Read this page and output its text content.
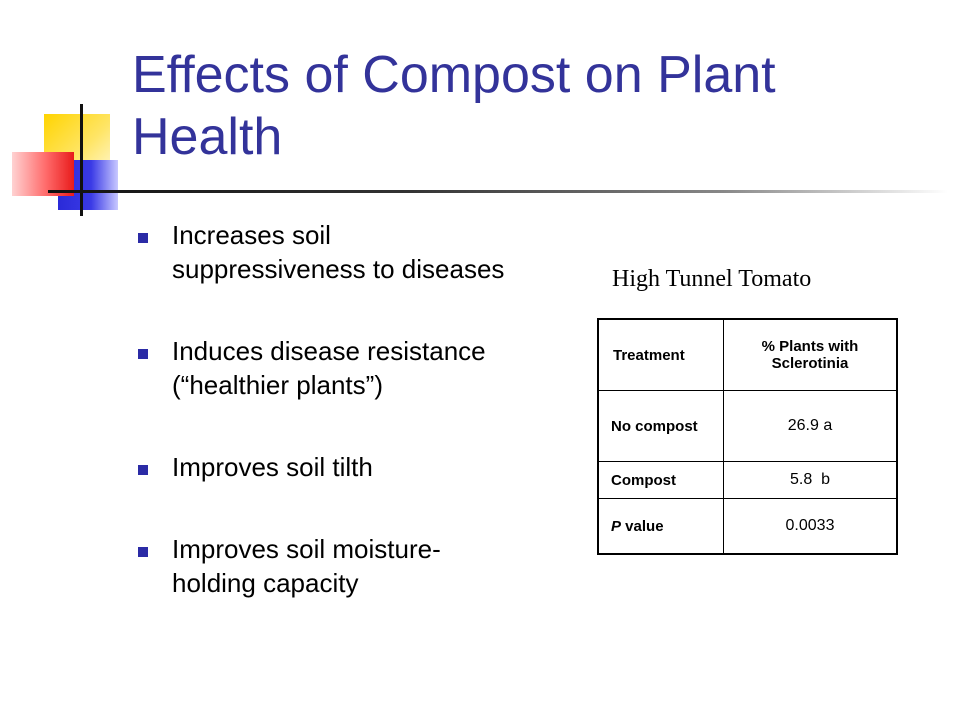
Effects of Compost on Plant Health
Increases soil suppressiveness to diseases
Induces disease resistance (“healthier plants”)
Improves soil tilth
Improves soil moisture-holding capacity
High Tunnel Tomato
Treatment	% Plants with Sclerotinia
No compost	26.9 a
Compost	5.8  b
P value	0.0033
